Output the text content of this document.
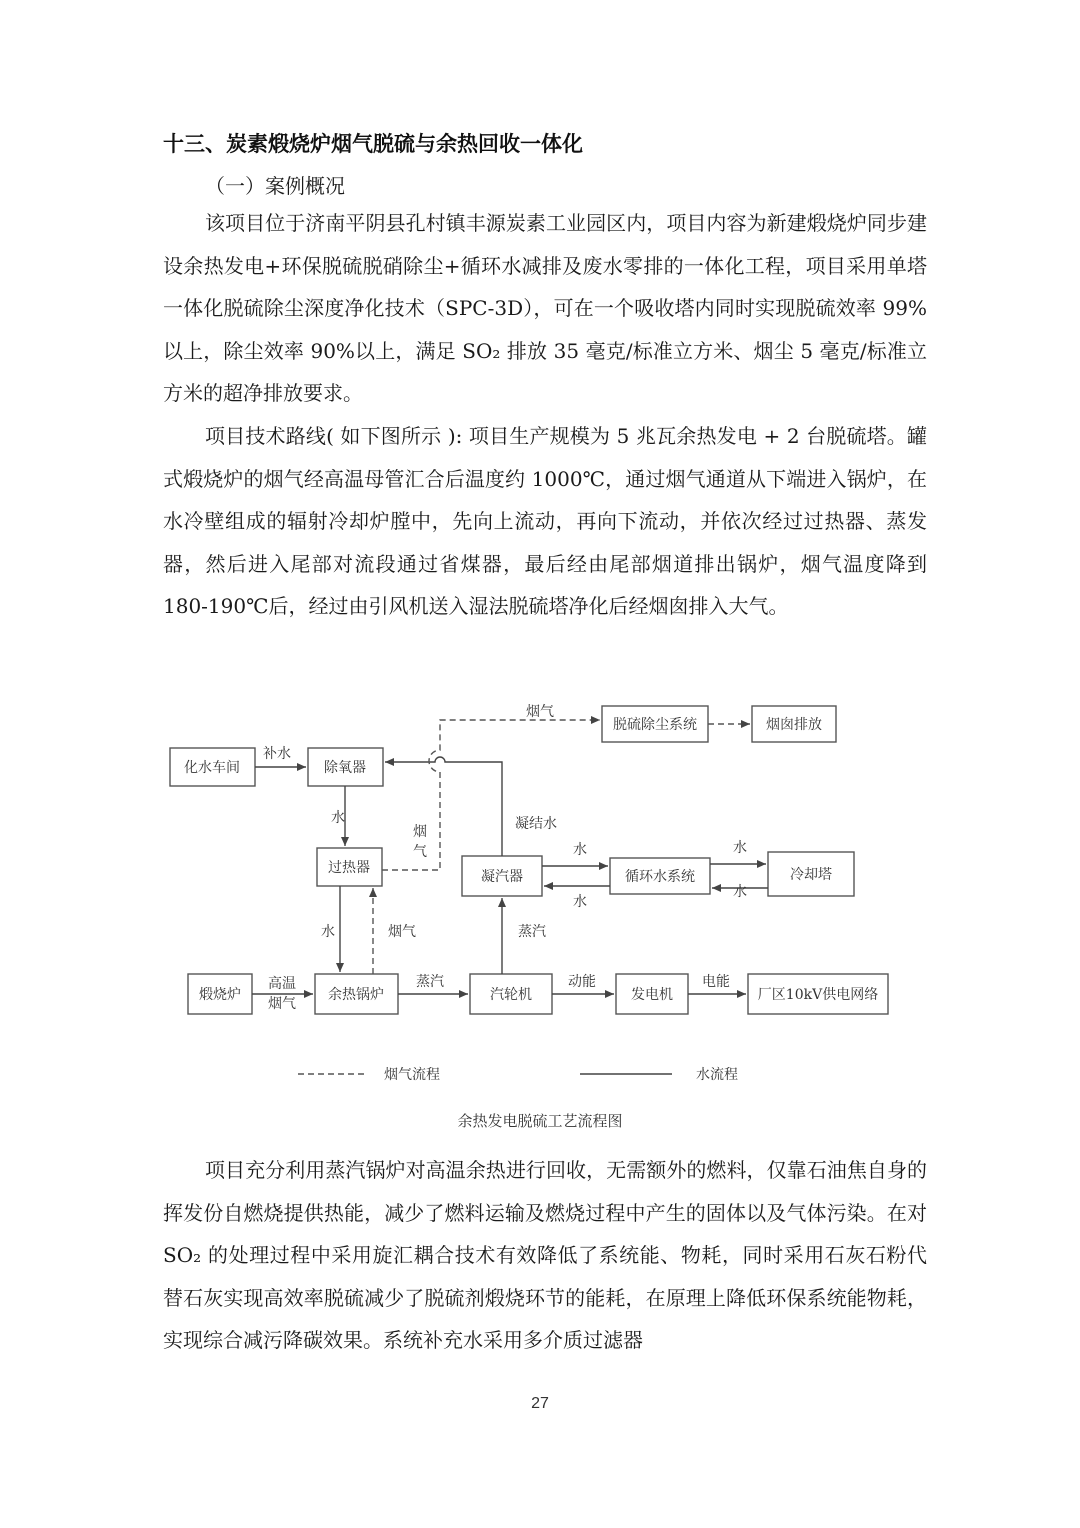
十三、炭素煅烧炉烟气脱硫与余热回收一体化
（一）案例概况

该项目位于济南平阴县孔村镇丰源炭素工业园区内，项目内容为新建煅烧炉同步建设余热发电+环保脱硫脱硝除尘+循环水减排及废水零排的一体化工程，项目采用单塔一体化脱硫除尘深度净化技术（SPC-3D），可在一个吸收塔内同时实现脱硫效率 99%以上，除尘效率 90%以上，满足 SO₂ 排放 35 毫克/标准立方米、烟尘 5 毫克/标准立方米的超净排放要求。

项目技术路线( 如下图所示 ): 项目生产规模为 5 兆瓦余热发电 + 2 台脱硫塔。罐式煅烧炉的烟气经高温母管汇合后温度约 1000℃，通过烟气通道从下端进入锅炉，在水冷壁组成的辐射冷却炉膛中，先向上流动，再向下流动，并依次经过过热器、蒸发器，然后进入尾部对流段通过省煤器，最后经由尾部烟道排出锅炉，烟气温度降到 180-190℃后，经过由引风机送入湿法脱硫塔净化后经烟囱排入大气。

化水车间	除氧器
过热器
余热锅炉
煅烧炉	汽轮机	发电机	厂区10kV供电网络
凝汽器	循环水系统	冷却塔
脱硫除尘系统	烟囱排放
补水
水
水
烟气
烟
气
烟气
高温
烟气
蒸汽
蒸汽
动能	电能
凝结水
水
水
水
水
烟气流程	水流程
余热发电脱硫工艺流程图

项目充分利用蒸汽锅炉对高温余热进行回收，无需额外的燃料，仅靠石油焦自身的挥发份自燃烧提供热能，减少了燃料运输及燃烧过程中产生的固体以及气体污染。在对 SO₂ 的处理过程中采用旋汇耦合技术有效降低了系统能、物耗，同时采用石灰石粉代替石灰实现高效率脱硫减少了脱硫剂煅烧环节的能耗，在原理上降低环保系统能物耗，实现综合减污降碳效果。系统补充水采用多介质过滤器

27
